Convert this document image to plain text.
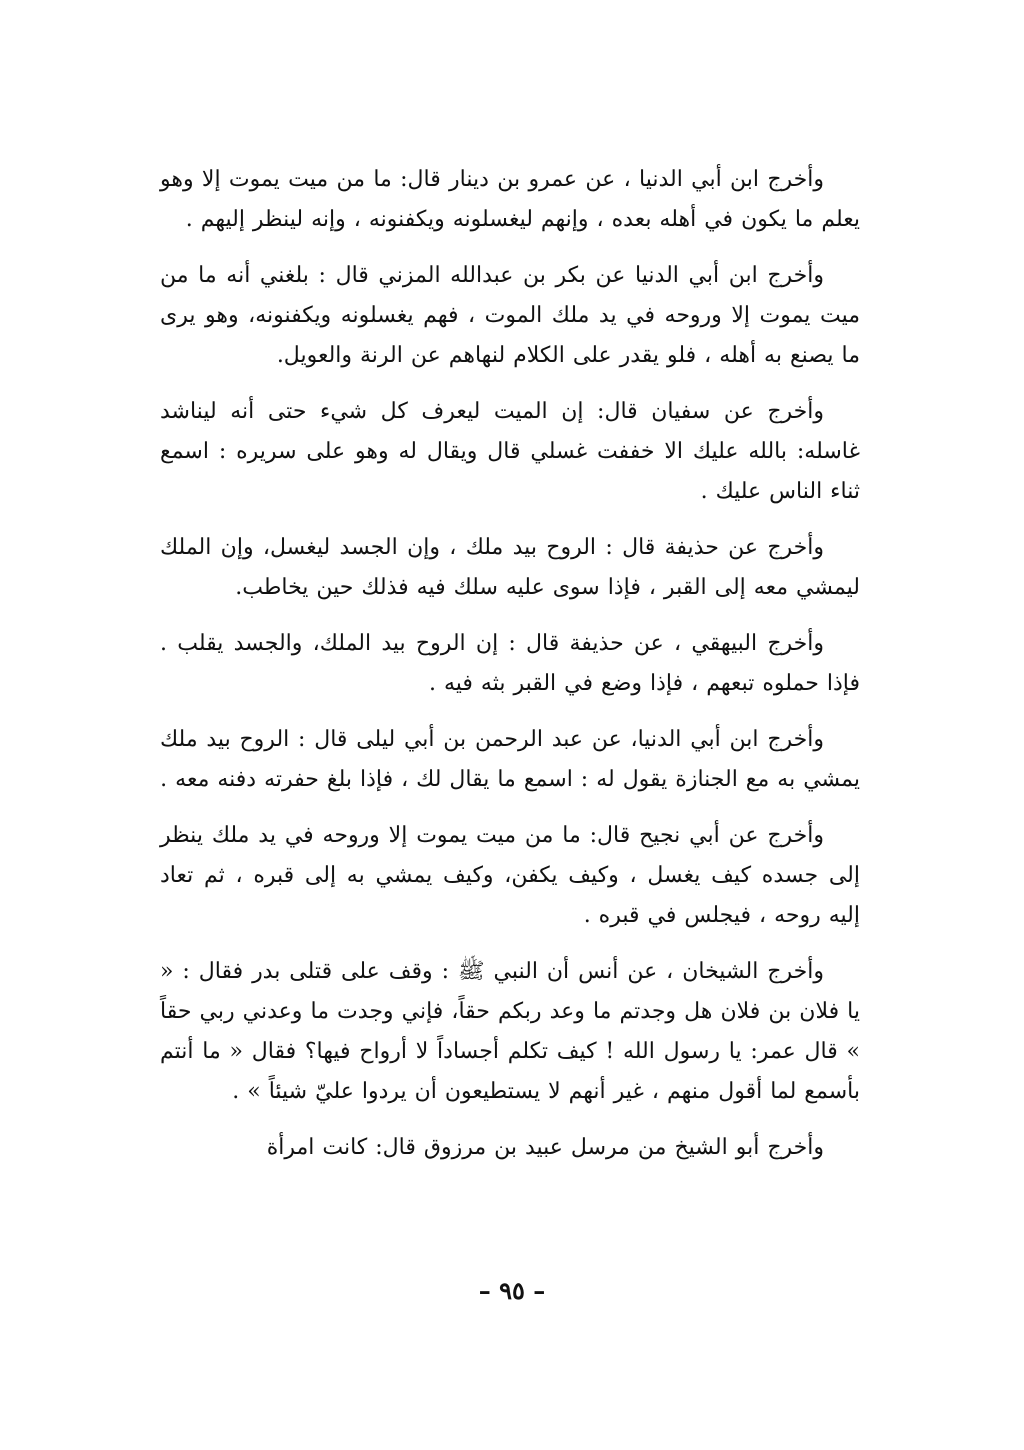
وأخرج ابن أبي الدنيا ، عن عمرو بن دينار قال: ما من ميت يموت إلا وهو يعلم ما يكون في أهله بعده ، وإنهم ليغسلونه ويكفنونه ، وإنه لينظر إليهم .

وأخرج ابن أبي الدنيا عن بكر بن عبدالله المزني قال : بلغني أنه ما من ميت يموت إلا وروحه في يد ملك الموت ، فهم يغسلونه ويكفنونه، وهو يرى ما يصنع به أهله ، فلو يقدر على الكلام لنهاهم عن الرنة والعويل.

وأخرج عن سفيان قال: إن الميت ليعرف كل شيء حتى أنه ليناشد غاسله: بالله عليك الا خففت غسلي قال ويقال له وهو على سريره : اسمع ثناء الناس عليك .

وأخرج عن حذيفة قال : الروح بيد ملك ، وإن الجسد ليغسل، وإن الملك ليمشي معه إلى القبر ، فإذا سوى عليه سلك فيه فذلك حين يخاطب.

وأخرج البيهقي ، عن حذيفة قال : إن الروح بيد الملك، والجسد يقلب . فإذا حملوه تبعهم ، فإذا وضع في القبر بثه فيه .

وأخرج ابن أبي الدنيا، عن عبد الرحمن بن أبي ليلى قال : الروح بيد ملك يمشي به مع الجنازة يقول له : اسمع ما يقال لك ، فإذا بلغ حفرته دفنه معه .

وأخرج عن أبي نجيح قال: ما من ميت يموت إلا وروحه في يد ملك ينظر إلى جسده كيف يغسل ، وكيف يكفن، وكيف يمشي به إلى قبره ، ثم تعاد إليه روحه ، فيجلس في قبره .

وأخرج الشيخان ، عن أنس أن النبي ﷺ : وقف على قتلى بدر فقال : « يا فلان بن فلان هل وجدتم ما وعد ربكم حقاً، فإني وجدت ما وعدني ربي حقاً » قال عمر: يا رسول الله ! كيف تكلم أجساداً لا أرواح فيها؟ فقال « ما أنتم بأسمع لما أقول منهم ، غير أنهم لا يستطيعون أن يردوا عليّ شيئاً » .

وأخرج أبو الشيخ من مرسل عبيد بن مرزوق قال: كانت امرأة

– ٩٥ –
